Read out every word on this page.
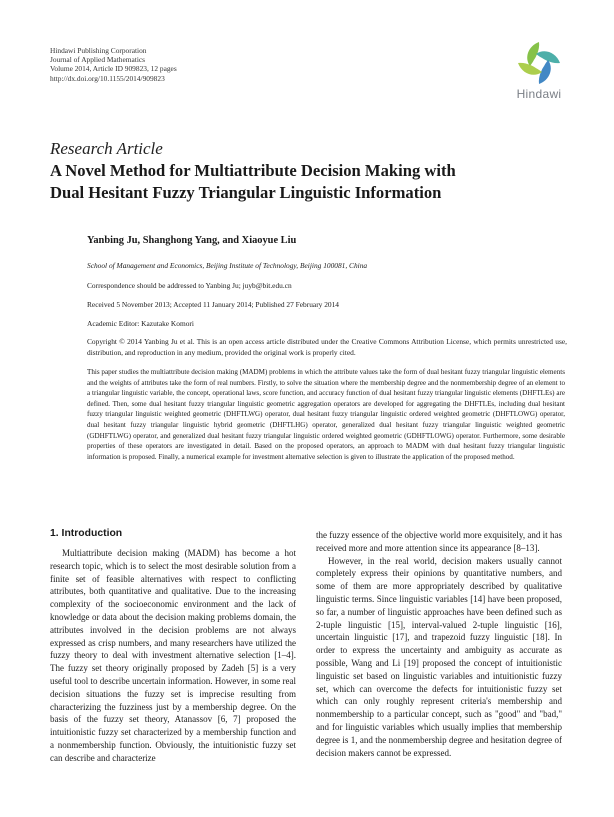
Hindawi Publishing Corporation
Journal of Applied Mathematics
Volume 2014, Article ID 909823, 12 pages
http://dx.doi.org/10.1155/2014/909823
Hindawi
Research Article
A Novel Method for Multiattribute Decision Making with
Dual Hesitant Fuzzy Triangular Linguistic Information
Yanbing Ju, Shanghong Yang, and Xiaoyue Liu
School of Management and Economics, Beijing Institute of Technology, Beijing 100081, China
Correspondence should be addressed to Yanbing Ju; juyb@bit.edu.cn
Received 5 November 2013; Accepted 11 January 2014; Published 27 February 2014
Academic Editor: Kazutake Komori
Copyright © 2014 Yanbing Ju et al. This is an open access article distributed under the Creative Commons Attribution License, which permits unrestricted use, distribution, and reproduction in any medium, provided the original work is properly cited.
This paper studies the multiattribute decision making (MADM) problems in which the attribute values take the form of dual hesitant fuzzy triangular linguistic elements and the weights of attributes take the form of real numbers. Firstly, to solve the situation where the membership degree and the nonmembership degree of an element to a triangular linguistic variable, the concept, operational laws, score function, and accuracy function of dual hesitant fuzzy triangular linguistic elements (DHFTLEs) are defined. Then, some dual hesitant fuzzy triangular linguistic geometric aggregation operators are developed for aggregating the DHFTLEs, including dual hesitant fuzzy triangular linguistic weighted geometric (DHFTLWG) operator, dual hesitant fuzzy triangular linguistic ordered weighted geometric (DHFTLOWG) operator, dual hesitant fuzzy triangular linguistic hybrid geometric (DHFTLHG) operator, generalized dual hesitant fuzzy triangular linguistic weighted geometric (GDHFTLWG) operator, and generalized dual hesitant fuzzy triangular linguistic ordered weighted geometric (GDHFTLOWG) operator. Furthermore, some desirable properties of these operators are investigated in detail. Based on the proposed operators, an approach to MADM with dual hesitant fuzzy triangular linguistic information is proposed. Finally, a numerical example for investment alternative selection is given to illustrate the application of the proposed method.
1. Introduction

Multiattribute decision making (MADM) has become a hot research topic, which is to select the most desirable solution from a finite set of feasible alternatives with respect to conflicting attributes, both quantitative and qualitative. Due to the increasing complexity of the socioeconomic environment and the lack of knowledge or data about the decision making problems domain, the attributes involved in the decision problems are not always expressed as crisp numbers, and many researchers have utilized the fuzzy theory to deal with investment alternative selection [1–4]. The fuzzy set theory originally proposed by Zadeh [5] is a very useful tool to describe uncertain information. However, in some real decision situations the fuzzy set is imprecise resulting from characterizing the fuzziness just by a membership degree. On the basis of the fuzzy set theory, Atanassov [6, 7] proposed the intuitionistic fuzzy set characterized by a membership function and a nonmembership function. Obviously, the intuitionistic fuzzy set can describe and characterize

the fuzzy essence of the objective world more exquisitely, and it has received more and more attention since its appearance [8–13].

However, in the real world, decision makers usually cannot completely express their opinions by quantitative numbers, and some of them are more appropriately described by qualitative linguistic terms. Since linguistic variables [14] have been proposed, so far, a number of linguistic approaches have been defined such as 2-tuple linguistic [15], interval-valued 2-tuple linguistic [16], uncertain linguistic [17], and trapezoid fuzzy linguistic [18]. In order to express the uncertainty and ambiguity as accurate as possible, Wang and Li [19] proposed the concept of intuitionistic linguistic set based on linguistic variables and intuitionistic fuzzy set, which can overcome the defects for intuitionistic fuzzy set which can only roughly represent criteria's membership and nonmembership to a particular concept, such as "good" and "bad," and for linguistic variables which usually implies that membership degree is 1, and the nonmembership degree and hesitation degree of decision makers cannot be expressed.
